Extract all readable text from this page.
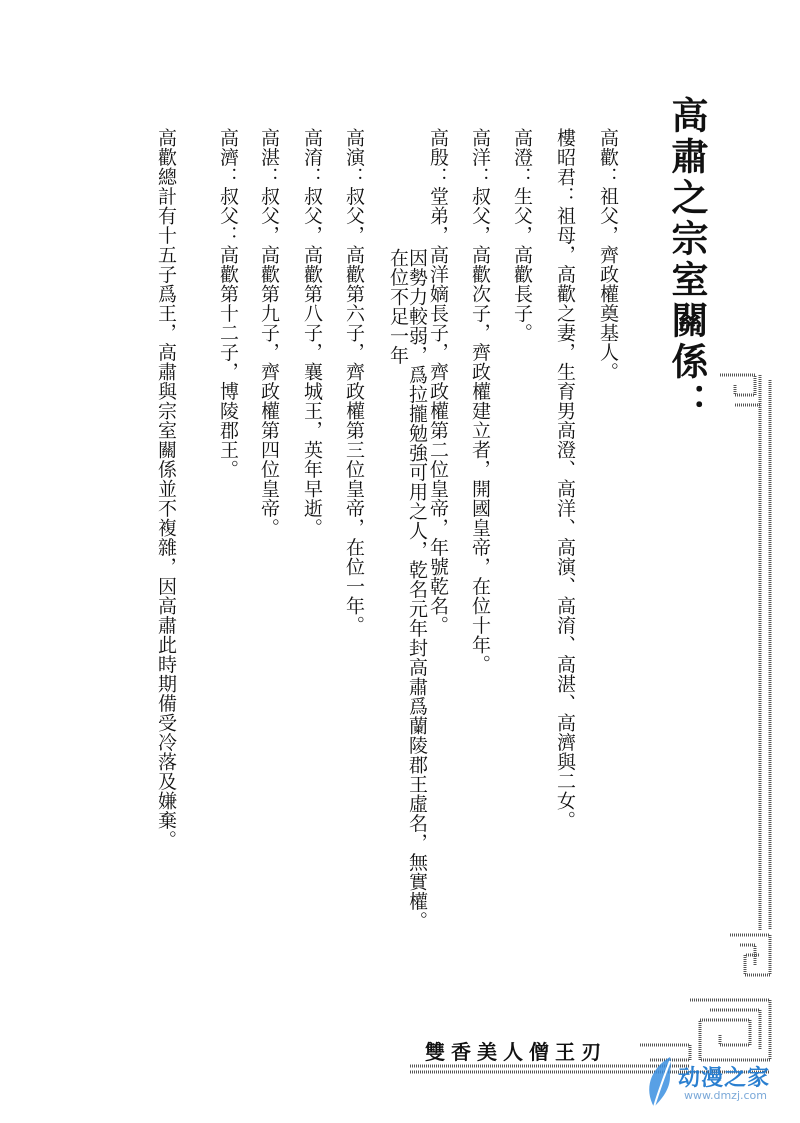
高肅之宗室關係：
高歡：祖父，齊政權奠基人。
樓昭君：祖母，高歡之妻，生育男高澄、高洋、高演、高淯、高湛、高濟與二女。
高澄：生父，高歡長子。
高洋：叔父，高歡次子，齊政權建立者，開國皇帝，在位十年。
高殷：堂弟，高洋嫡長子，齊政權第二位皇帝，年號乾名。
因勢力較弱，爲拉攏勉強可用之人，乾名元年封高肅爲蘭陵郡王虛名，無實權。
在位不足一年
高演：叔父，高歡第六子，齊政權第三位皇帝，在位一年。
高淯：叔父，高歡第八子，襄城王，英年早逝。
高湛：叔父，高歡第九子，齊政權第四位皇帝。
高濟：叔父：高歡第十二子，博陵郡王。
高歡總計有十五子爲王，高肅與宗室關係並不複雜，因高肅此時期備受冷落及嫌棄。
雙香美人僧王刃
动漫之家
www.dmzj.com
